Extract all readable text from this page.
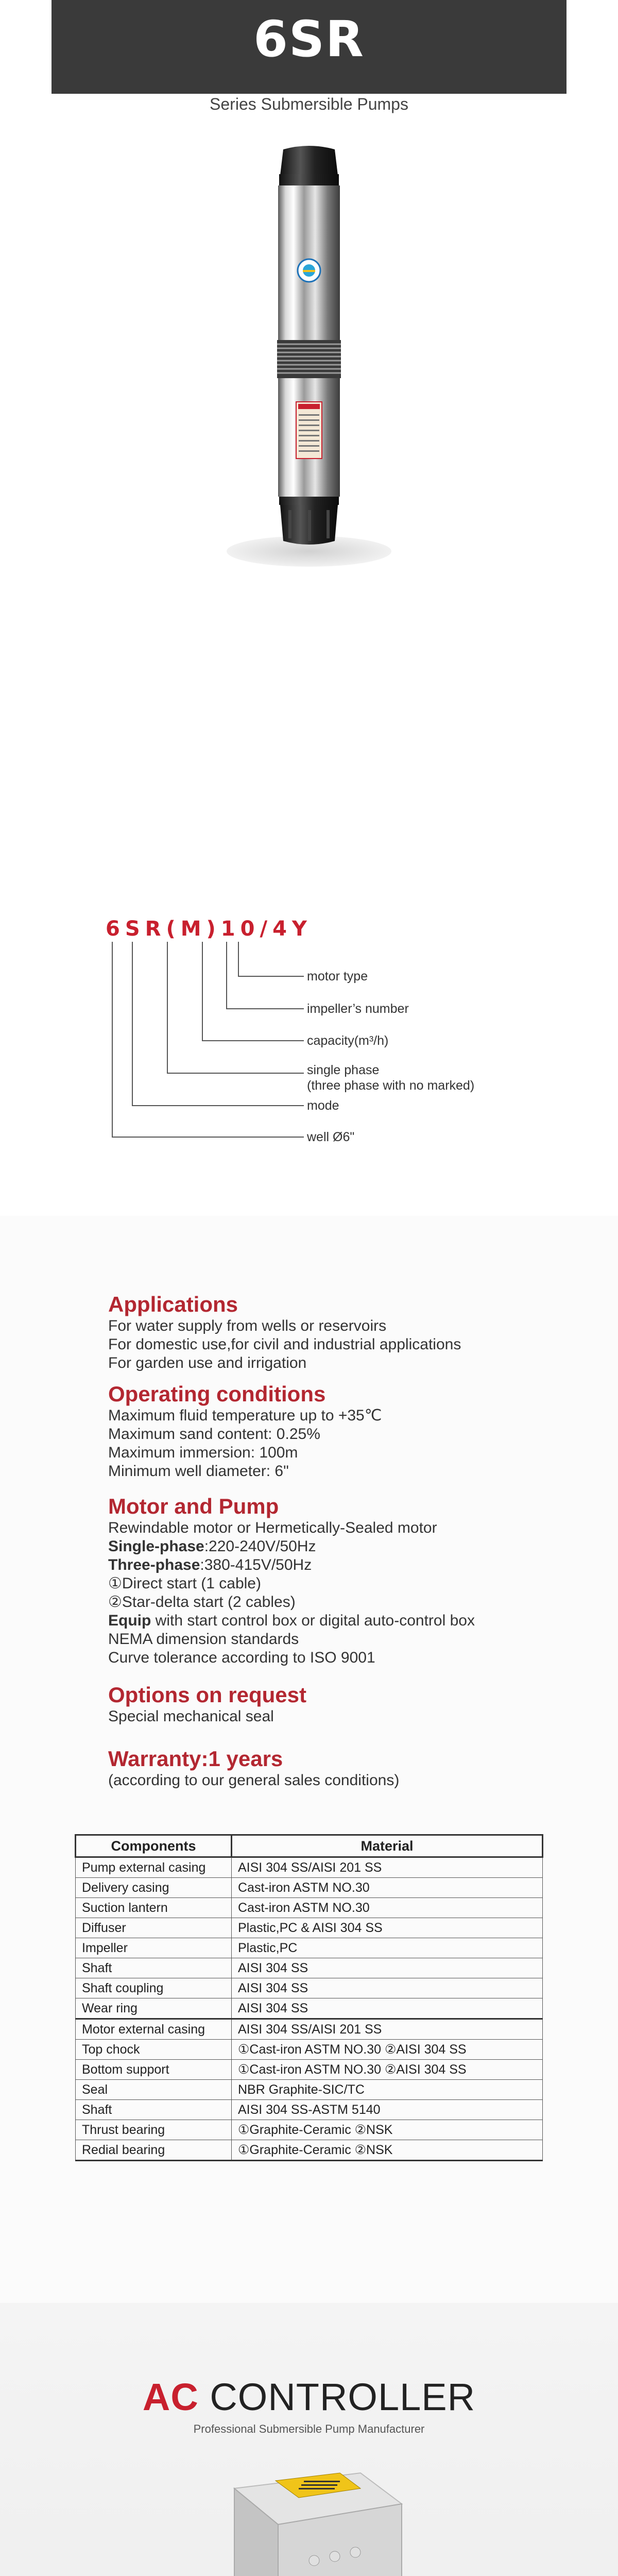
6SR
Series Submersible Pumps
6SR(M)10/4Y
motor type
impeller’s number
capacity(m³/h)
single phase
(three phase with no marked)
mode
well Ø6"
Applications
For water supply from wells or reservoirs
For domestic use,for civil and industrial applications
For garden use and irrigation
Operating conditions
Maximum fluid temperature up to +35℃
Maximum sand content: 0.25%
Maximum immersion: 100m
Minimum well diameter: 6"
Motor and Pump
Rewindable motor or Hermetically-Sealed motor
Single-phase:220-240V/50Hz
Three-phase:380-415V/50Hz
①Direct start (1 cable)
②Star-delta start (2 cables)
Equip with start control box or digital auto-control box
NEMA dimension standards
Curve tolerance according to ISO 9001
Options on request
Special mechanical seal
Warranty:1 years
(according to our general sales conditions)
Components	Material
Pump external casing	AISI 304 SS/AISI 201 SS
Delivery casing	Cast-iron ASTM NO.30
Suction lantern	Cast-iron ASTM NO.30
Diffuser	Plastic,PC & AISI 304 SS
Impeller	Plastic,PC
Shaft	AISI 304 SS
Shaft coupling	AISI 304 SS
Wear ring	AISI 304 SS
Motor external casing	AISI 304 SS/AISI 201 SS
Top chock	①Cast-iron ASTM NO.30 ②AISI 304 SS
Bottom support	①Cast-iron ASTM NO.30 ②AISI 304 SS
Seal	NBR Graphite-SIC/TC
Shaft	AISI 304 SS-ASTM 5140
Thrust bearing	①Graphite-Ceramic ②NSK
Redial bearing	①Graphite-Ceramic ②NSK
AC CONTROLLER
Professional Submersible Pump Manufacturer
